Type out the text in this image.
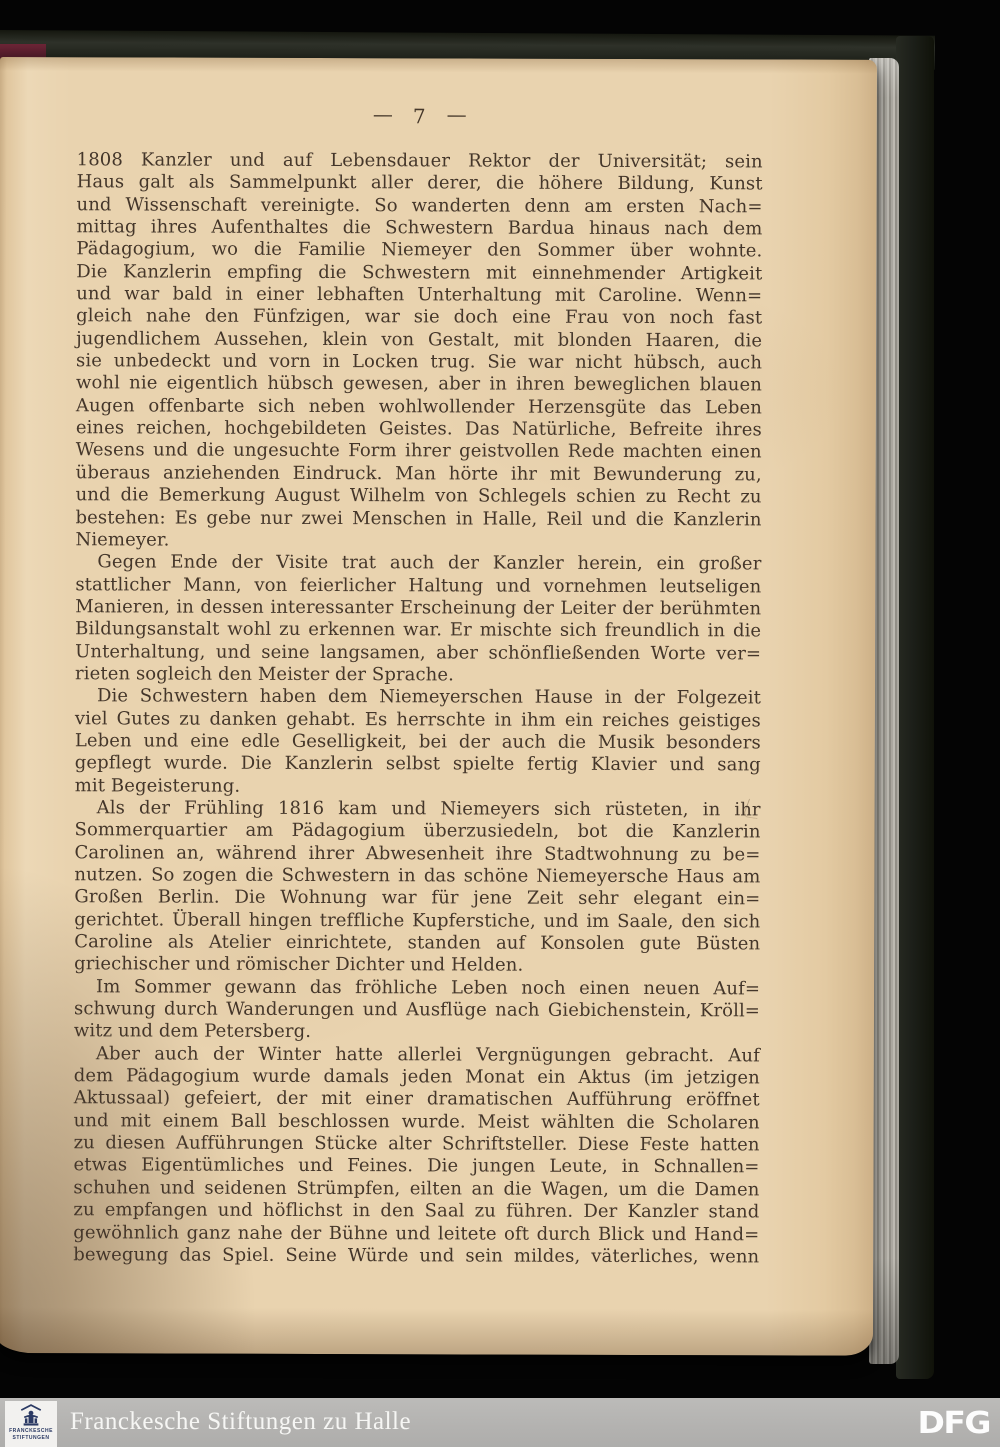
— 7 —
1808 Kanzler und auf Lebensdauer Rektor der Universität; sein
Haus galt als Sammelpunkt aller derer, die höhere Bildung, Kunst
und Wissenschaft vereinigte. So wanderten denn am ersten Nach=
mittag ihres Aufenthaltes die Schwestern Bardua hinaus nach dem
Pädagogium, wo die Familie Niemeyer den Sommer über wohnte.
Die Kanzlerin empfing die Schwestern mit einnehmender Artigkeit
und war bald in einer lebhaften Unterhaltung mit Caroline. Wenn=
gleich nahe den Fünfzigen, war sie doch eine Frau von noch fast
jugendlichem Aussehen, klein von Gestalt, mit blonden Haaren, die
sie unbedeckt und vorn in Locken trug. Sie war nicht hübsch, auch
wohl nie eigentlich hübsch gewesen, aber in ihren beweglichen blauen
Augen offenbarte sich neben wohlwollender Herzensgüte das Leben
eines reichen, hochgebildeten Geistes. Das Natürliche, Befreite ihres
Wesens und die ungesuchte Form ihrer geistvollen Rede machten einen
überaus anziehenden Eindruck. Man hörte ihr mit Bewunderung zu,
und die Bemerkung August Wilhelm von Schlegels schien zu Recht zu
bestehen: Es gebe nur zwei Menschen in Halle, Reil und die Kanzlerin
Niemeyer.
Gegen Ende der Visite trat auch der Kanzler herein, ein großer
stattlicher Mann, von feierlicher Haltung und vornehmen leutseligen
Manieren, in dessen interessanter Erscheinung der Leiter der berühmten
Bildungsanstalt wohl zu erkennen war. Er mischte sich freundlich in die
Unterhaltung, und seine langsamen, aber schönfließenden Worte ver=
rieten sogleich den Meister der Sprache.
Die Schwestern haben dem Niemeyerschen Hause in der Folgezeit
viel Gutes zu danken gehabt. Es herrschte in ihm ein reiches geistiges
Leben und eine edle Geselligkeit, bei der auch die Musik besonders
gepflegt wurde. Die Kanzlerin selbst spielte fertig Klavier und sang
mit Begeisterung.
Als der Frühling 1816 kam und Niemeyers sich rüsteten, in ihr
Sommerquartier am Pädagogium überzusiedeln, bot die Kanzlerin
Carolinen an, während ihrer Abwesenheit ihre Stadtwohnung zu be=
nutzen. So zogen die Schwestern in das schöne Niemeyersche Haus am
Großen Berlin. Die Wohnung war für jene Zeit sehr elegant ein=
gerichtet. Überall hingen treffliche Kupferstiche, und im Saale, den sich
Caroline als Atelier einrichtete, standen auf Konsolen gute Büsten
griechischer und römischer Dichter und Helden.
Im Sommer gewann das fröhliche Leben noch einen neuen Auf=
schwung durch Wanderungen und Ausflüge nach Giebichenstein, Kröll=
witz und dem Petersberg.
Aber auch der Winter hatte allerlei Vergnügungen gebracht. Auf
dem Pädagogium wurde damals jeden Monat ein Aktus (im jetzigen
Aktussaal) gefeiert, der mit einer dramatischen Aufführung eröffnet
und mit einem Ball beschlossen wurde. Meist wählten die Scholaren
zu diesen Aufführungen Stücke alter Schriftsteller. Diese Feste hatten
etwas Eigentümliches und Feines. Die jungen Leute, in Schnallen=
schuhen und seidenen Strümpfen, eilten an die Wagen, um die Damen
zu empfangen und höflichst in den Saal zu führen. Der Kanzler stand
gewöhnlich ganz nahe der Bühne und leitete oft durch Blick und Hand=
bewegung das Spiel. Seine Würde und sein mildes, väterliches, wenn
FRANCKESCHE
STIFTUNGEN
Franckesche Stiftungen zu Halle	DFG
